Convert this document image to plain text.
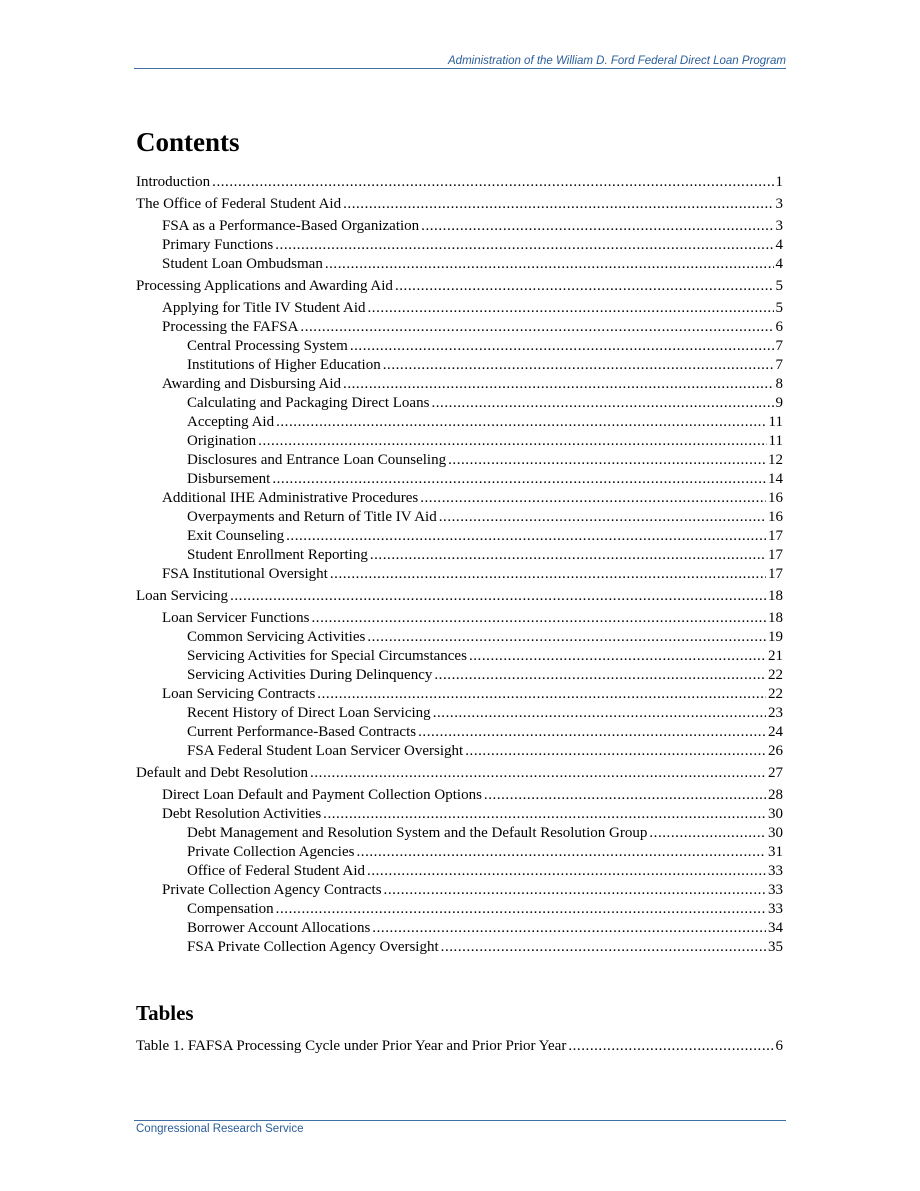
Administration of the William D. Ford Federal Direct Loan Program
Contents
Introduction . . .	1
The Office of Federal Student Aid . . .	3
FSA as a Performance-Based Organization . . .	3
Primary Functions . . .	4
Student Loan Ombudsman . . .	4
Processing Applications and Awarding Aid . . .	5
Applying for Title IV Student Aid . . .	5
Processing the FAFSA . . .	6
Central Processing System . . .	7
Institutions of Higher Education . . .	7
Awarding and Disbursing Aid . . .	8
Calculating and Packaging Direct Loans . . .	9
Accepting Aid . . .	11
Origination . . .	11
Disclosures and Entrance Loan Counseling . . .	12
Disbursement . . .	14
Additional IHE Administrative Procedures . . .	16
Overpayments and Return of Title IV Aid . . .	16
Exit Counseling . . .	17
Student Enrollment Reporting . . .	17
FSA Institutional Oversight . . .	17
Loan Servicing . . .	18
Loan Servicer Functions . . .	18
Common Servicing Activities . . .	19
Servicing Activities for Special Circumstances . . .	21
Servicing Activities During Delinquency . . .	22
Loan Servicing Contracts . . .	22
Recent History of Direct Loan Servicing . . .	23
Current Performance-Based Contracts . . .	24
FSA Federal Student Loan Servicer Oversight . . .	26
Default and Debt Resolution . . .	27
Direct Loan Default and Payment Collection Options . . .	28
Debt Resolution Activities . . .	30
Debt Management and Resolution System and the Default Resolution Group . . .	30
Private Collection Agencies . . .	31
Office of Federal Student Aid . . .	33
Private Collection Agency Contracts . . .	33
Compensation . . .	33
Borrower Account Allocations . . .	34
FSA Private Collection Agency Oversight . . .	35
Tables
Table 1. FAFSA Processing Cycle under Prior Year and Prior Prior Year . . .	6
Congressional Research Service
